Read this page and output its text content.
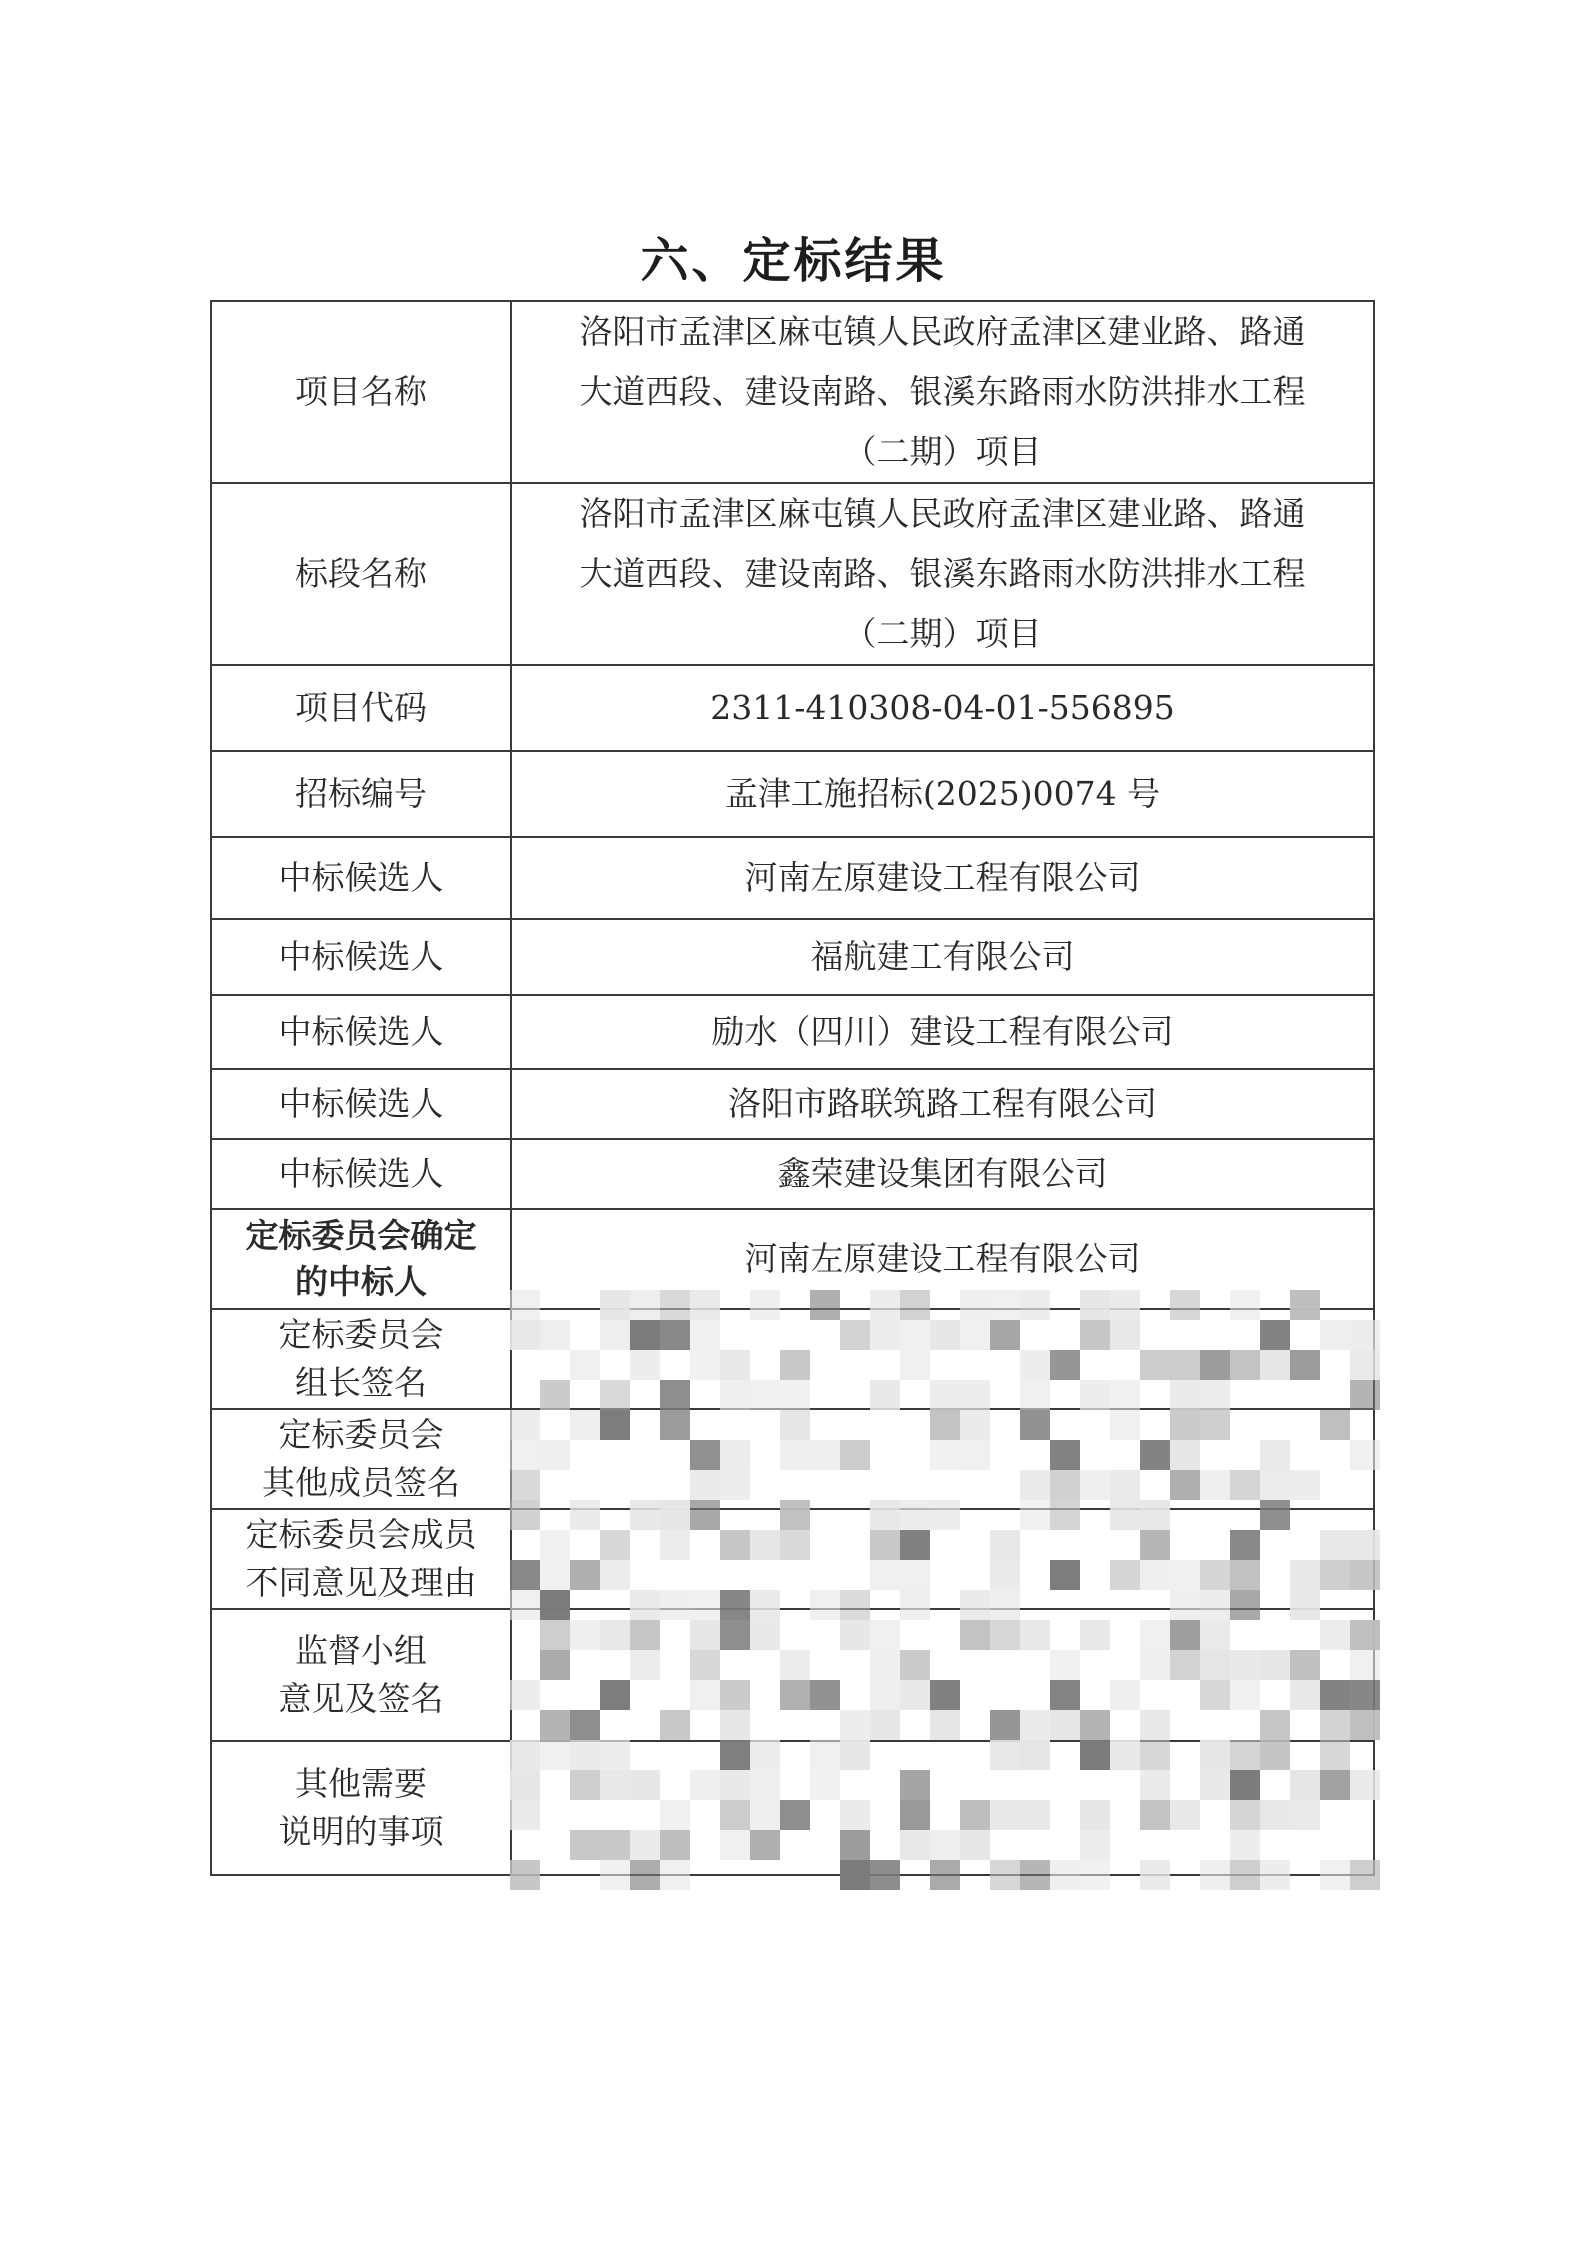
六、定标结果
项目名称	洛阳市孟津区麻屯镇人民政府孟津区建业路、路通
大道西段、建设南路、银溪东路雨水防洪排水工程
（二期）项目

标段名称	洛阳市孟津区麻屯镇人民政府孟津区建业路、路通
大道西段、建设南路、银溪东路雨水防洪排水工程
（二期）项目

项目代码	2311-410308-04-01-556895
招标编号	孟津工施招标(2025)0074 号
中标候选人	河南左原建设工程有限公司
中标候选人	福航建工有限公司
中标候选人	励水（四川）建设工程有限公司
中标候选人	洛阳市路联筑路工程有限公司
中标候选人	鑫荣建设集团有限公司

定标委员会确定
的中标人	河南左原建设工程有限公司

定标委员会
组长签名	

定标委员会
其他成员签名	

定标委员会成员
不同意见及理由	

监督小组
意见及签名	

其他需要
说明的事项	
